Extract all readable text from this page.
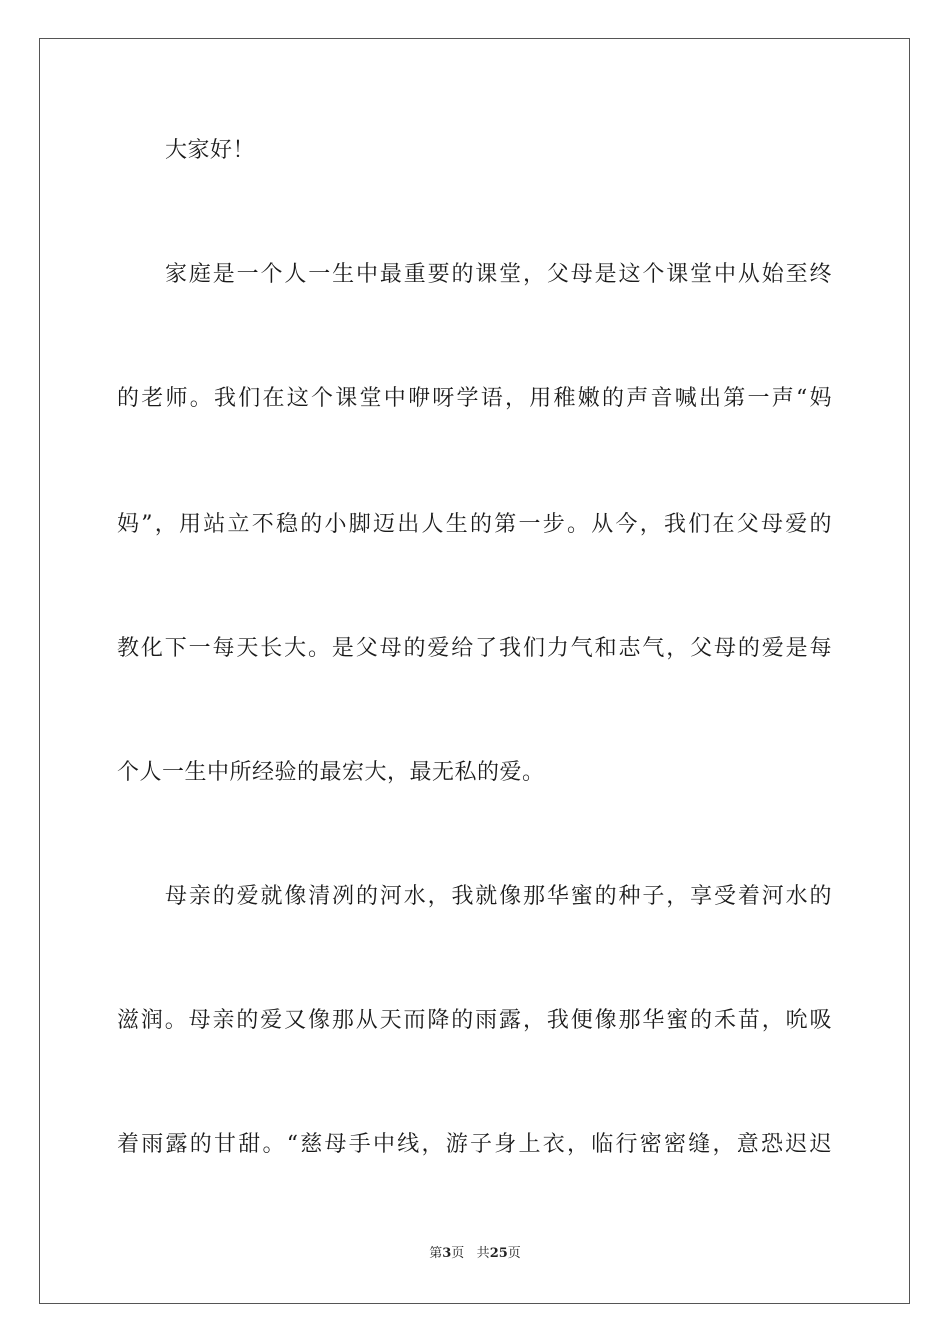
大家好！
家庭是一个人一生中最重要的课堂，父母是这个课堂中从始至终
的老师。我们在这个课堂中咿呀学语，用稚嫩的声音喊出第一声“妈
妈”，用站立不稳的小脚迈出人生的第一步。从今，我们在父母爱的
教化下一每天长大。是父母的爱给了我们力气和志气，父母的爱是每
个人一生中所经验的最宏大，最无私的爱。
母亲的爱就像清冽的河水，我就像那华蜜的种子，享受着河水的
滋润。母亲的爱又像那从天而降的雨露，我便像那华蜜的禾苗，吮吸
着雨露的甘甜。“慈母手中线，游子身上衣，临行密密缝，意恐迟迟
第3页 共25页
